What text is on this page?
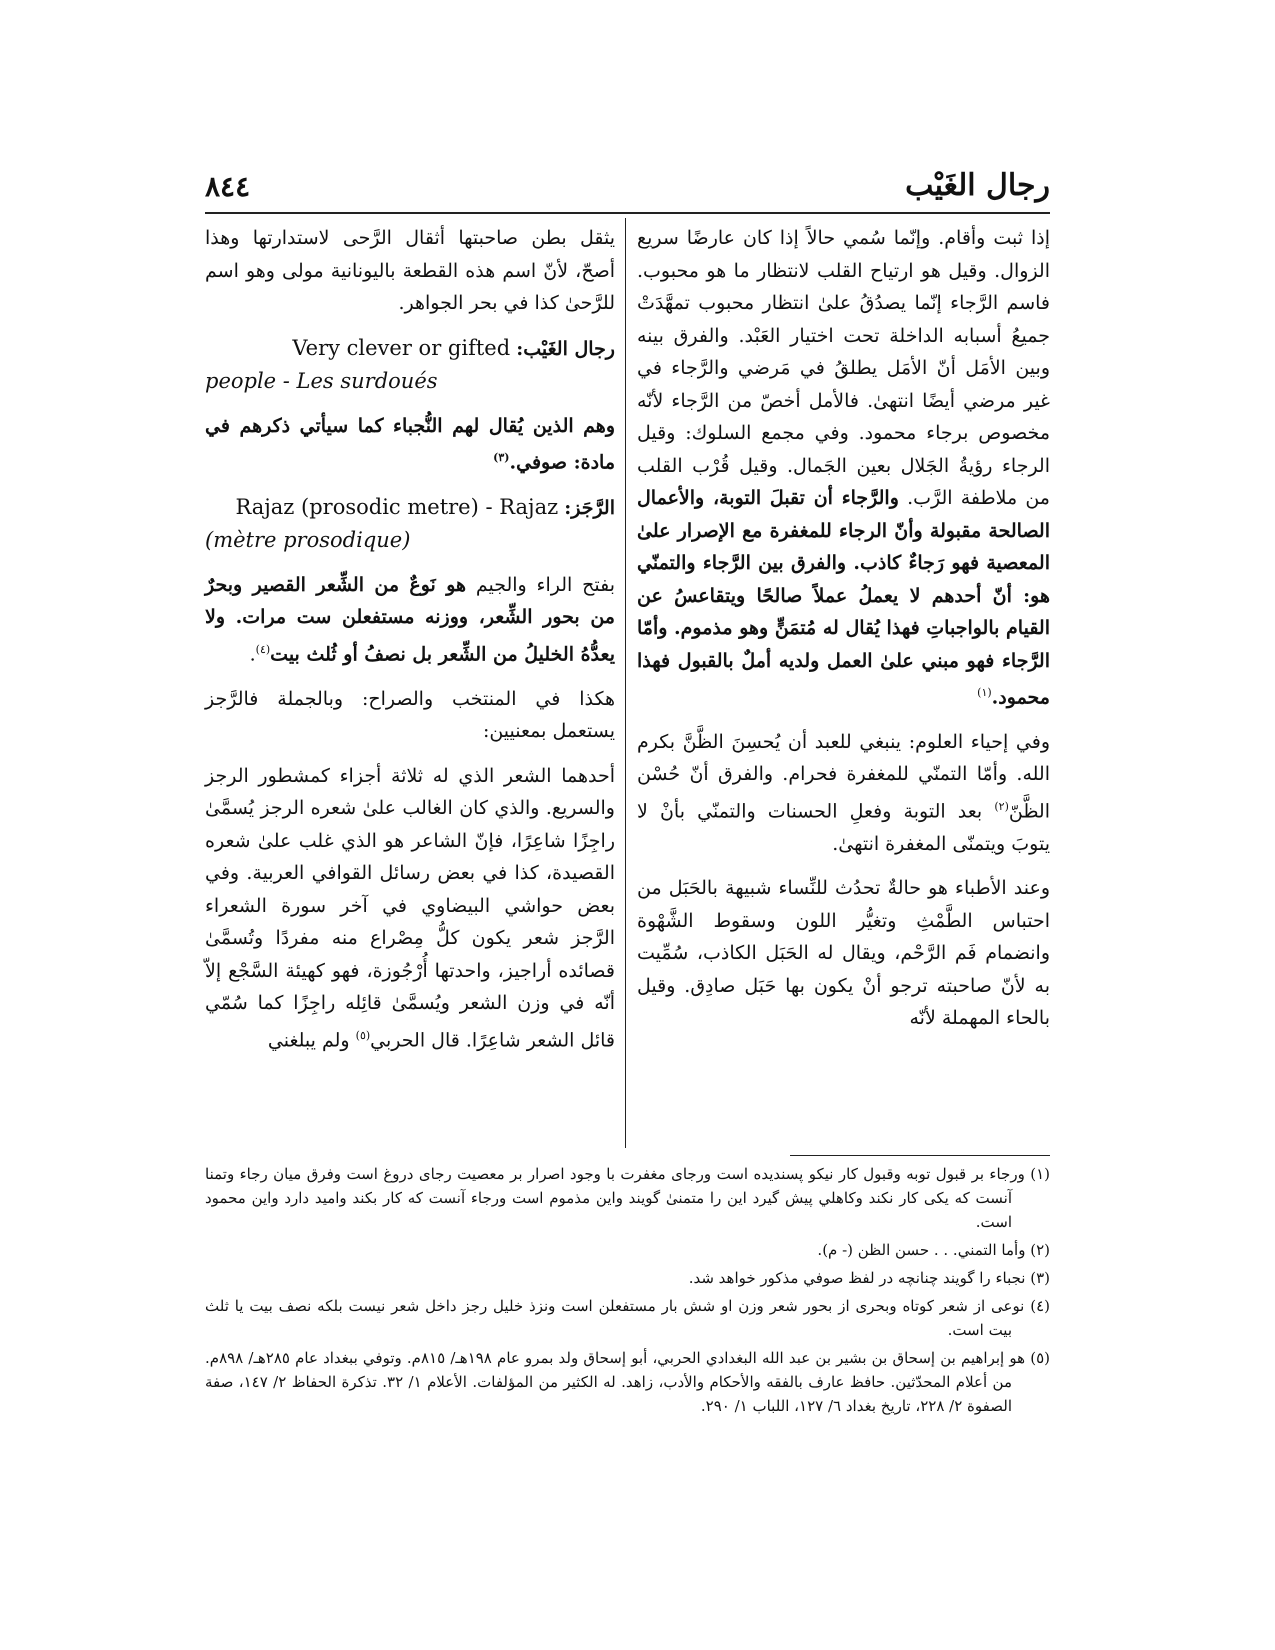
رجال الغَيْب
٨٤٤

إذا ثبت وأقام. وإنّما سُمي حالاً إذا كان عارضًا سريع الزوال. وقيل هو ارتياح القلب لانتظار ما هو محبوب. فاسم الرَّجاء إنّما يصدُقُ علىٰ انتظار محبوب تمهَّدَتْ جميعُ أسبابه الداخلة تحت اختيار العَبْد. والفرق بينه وبين الأمَل أنّ الأمَل يطلقُ في مَرضي والرَّجاء في غير مرضي أيضًا انتهىٰ. فالأمل أخصّ من الرَّجاء لأنّه مخصوص برجاء محمود. وفي مجمع السلوك: وقيل الرجاء رؤيةُ الجَلال بعين الجَمال. وقيل قُرْب القلب من ملاطفة الرَّب. والرَّجاء أن تقبلَ التوبة، والأعمال الصالحة مقبولة وأنّ الرجاء للمغفرة مع الإصرار علىٰ المعصية فهو رَجاءٌ كاذب. والفرق بين الرَّجاء والتمنّي هو: أنّ أحدهم لا يعملُ عملاً صالحًا ويتقاعسُ عن القيام بالواجباتِ فهذا يُقال له مُتمَنٍّ وهو مذموم. وأمّا الرَّجاء فهو مبني علىٰ العمل ولديه أملٌ بالقبول فهذا محمود.$^{(١)}$

وفي إحياء العلوم: ينبغي للعبد أن يُحسِنَ الظَّنَّ بكرم الله. وأمّا التمنّي للمغفرة فحرام. والفرق أنّ حُسْن الظَّنّ$^{(٢)}$ بعد التوبة وفعلِ الحسنات والتمنّي بأنْ لا يتوبَ ويتمنّى المغفرة انتهىٰ.

وعند الأطباء هو حالةٌ تحدُث للنِّساء شبيهة بالحَبَل من احتباس الطَّمْثِ وتغيُّر اللون وسقوط الشَّهْوة وانضمام فَم الرَّحْم، ويقال له الحَبَل الكاذب، سُمِّيت به لأنّ صاحبته ترجو أنْ يكون بها حَبَل صادِق. وقيل بالحاء المهملة لأنّه

يثقل بطن صاحبتها أثقال الرَّحى لاستدارتها وهذا أصحّ، لأنّ اسم هذه القطعة باليونانية مولى وهو اسم للرَّحىٰ كذا في بحر الجواهر.

رجال الغَيْب: Very clever or gifted
people - Les surdoués

وهم الذين يُقال لهم النُّجباء كما سيأتي ذكرهم في مادة: صوفي.$^{(٣)}$

الرَّجَز: Rajaz (prosodic metre) - Rajaz
(mètre prosodique)

بفتح الراء والجيم هو نَوعٌ من الشِّعر القصير وبحرٌ من بحور الشِّعر، ووزنه مستفعلن ست مرات. ولا يعدُّهُ الخليلُ من الشِّعر بل نصفُ أو ثُلث بيت$^{(٤)}$.

هكذا في المنتخب والصراح: وبالجملة فالرَّجز يستعمل بمعنيين:

أحدهما الشعر الذي له ثلاثة أجزاء كمشطور الرجز والسريع. والذي كان الغالب علىٰ شعره الرجز يُسمَّىٰ راجِزًا شاعِرًا، فإنّ الشاعر هو الذي غلب علىٰ شعره القصيدة، كذا في بعض رسائل القوافي العربية. وفي بعض حواشي البيضاوي في آخر سورة الشعراء الرَّجز شعر يكون كلُّ مِصْراع منه مفردًا وتُسمَّىٰ قصائده أراجيز، واحدتها أُرْجُوزة، فهو كهيئة السَّجْع إلاّ أنّه في وزن الشعر ويُسمَّىٰ قائِله راجِزًا كما سُمّي قائل الشعر شاعِرًا. قال الحربي$^{(٥)}$ ولم يبلغني

(١) ورجاء بر قبول توبه وقبول كار نيكو پسنديده است ورجاى مغفرت با وجود اصرار بر معصيت رجاى دروغ است وفرق ميان رجاء وتمنا آنست كه يكى كار نكند وكاهلي پيش گيرد اين را متمنىٰ گويند واين مذموم است ورجاء آنست كه كار بكند واميد دارد واين محمود است.
(٢) وأما التمني. . . حسن الظن (- م).
(٣) نجباء را گويند چنانچه در لفظ صوفي مذكور خواهد شد.
(٤) نوعى از شعر كوتاه وبحرى از بحور شعر وزن او شش بار مستفعلن است ونزذ خليل رجز داخل شعر نيست بلكه نصف بيت يا ثلث بيت است.
(٥) هو إبراهيم بن إسحاق بن بشير بن عبد الله البغدادي الحربي، أبو إسحاق ولد بمرو عام ١٩٨هـ/ ٨١٥م. وتوفي ببغداد عام ٢٨٥هـ/ ٨٩٨م. من أعلام المحدّثين. حافظ عارف بالفقه والأحكام والأدب، زاهد. له الكثير من المؤلفات. الأعلام ١/ ٣٢. تذكرة الحفاظ ٢/ ١٤٧، صفة الصفوة ٢/ ٢٢٨، تاريخ بغداد ٦/ ١٢٧، اللباب ١/ ٢٩٠.
